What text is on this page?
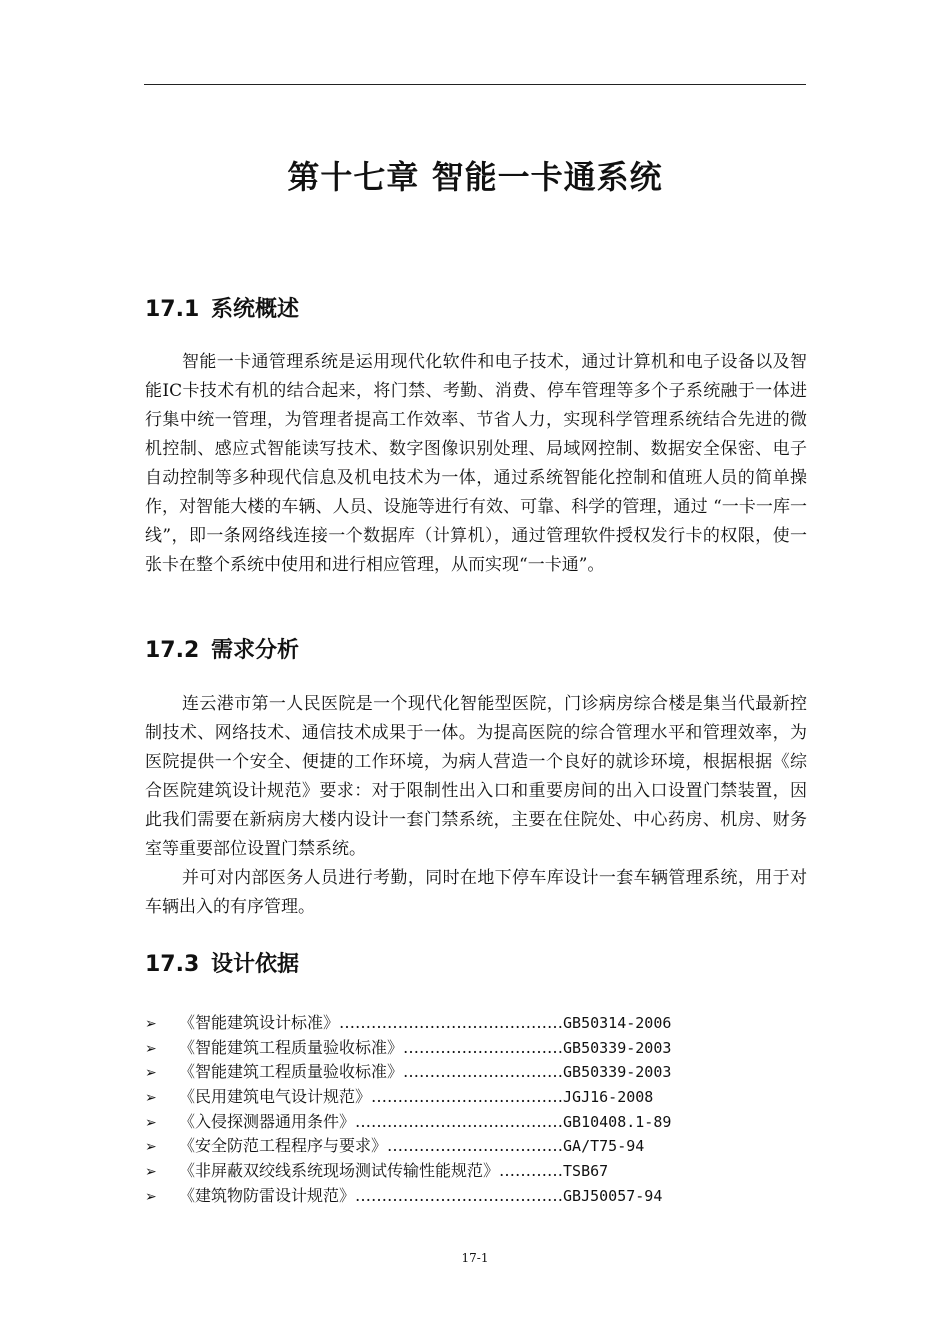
第十七章 智能一卡通系统
17.1 系统概述

智能一卡通管理系统是运用现代化软件和电子技术，通过计算机和电子设备以及智能IC卡技术有机的结合起来，将门禁、考勤、消费、停车管理等多个子系统融于一体进行集中统一管理，为管理者提高工作效率、节省人力，实现科学管理系统结合先进的微机控制、感应式智能读写技术、数字图像识别处理、局域网控制、数据安全保密、电子自动控制等多种现代信息及机电技术为一体，通过系统智能化控制和值班人员的简单操作，对智能大楼的车辆、人员、设施等进行有效、可靠、科学的管理，通过 “一卡一库一线”，即一条网络线连接一个数据库（计算机），通过管理软件授权发行卡的权限，使一张卡在整个系统中使用和进行相应管理，从而实现“一卡通”。

17.2 需求分析

连云港市第一人民医院是一个现代化智能型医院，门诊病房综合楼是集当代最新控制技术、网络技术、通信技术成果于一体。为提高医院的综合管理水平和管理效率，为医院提供一个安全、便捷的工作环境，为病人营造一个良好的就诊环境，根据根据《综合医院建筑设计规范》要求：对于限制性出入口和重要房间的出入口设置门禁装置，因此我们需要在新病房大楼内设计一套门禁系统，主要在住院处、中心药房、机房、财务室等重要部位设置门禁系统。

并可对内部医务人员进行考勤，同时在地下停车库设计一套车辆管理系统，用于对车辆出入的有序管理。

17.3 设计依据
➢ 《智能建筑设计标准》……………………………………GB50314-2006
➢ 《智能建筑工程质量验收标准》…………………………GB50339-2003
➢ 《智能建筑工程质量验收标准》…………………………GB50339-2003
➢ 《民用建筑电气设计规范》………………………………JGJ16-2008
➢ 《入侵探测器通用条件》…………………………………GB10408.1-89
➢ 《安全防范工程程序与要求》……………………………GA/T75-94
➢ 《非屏蔽双绞线系统现场测试传输性能规范》…………TSB67
➢ 《建筑物防雷设计规范》…………………………………GBJ50057-94
17-1
